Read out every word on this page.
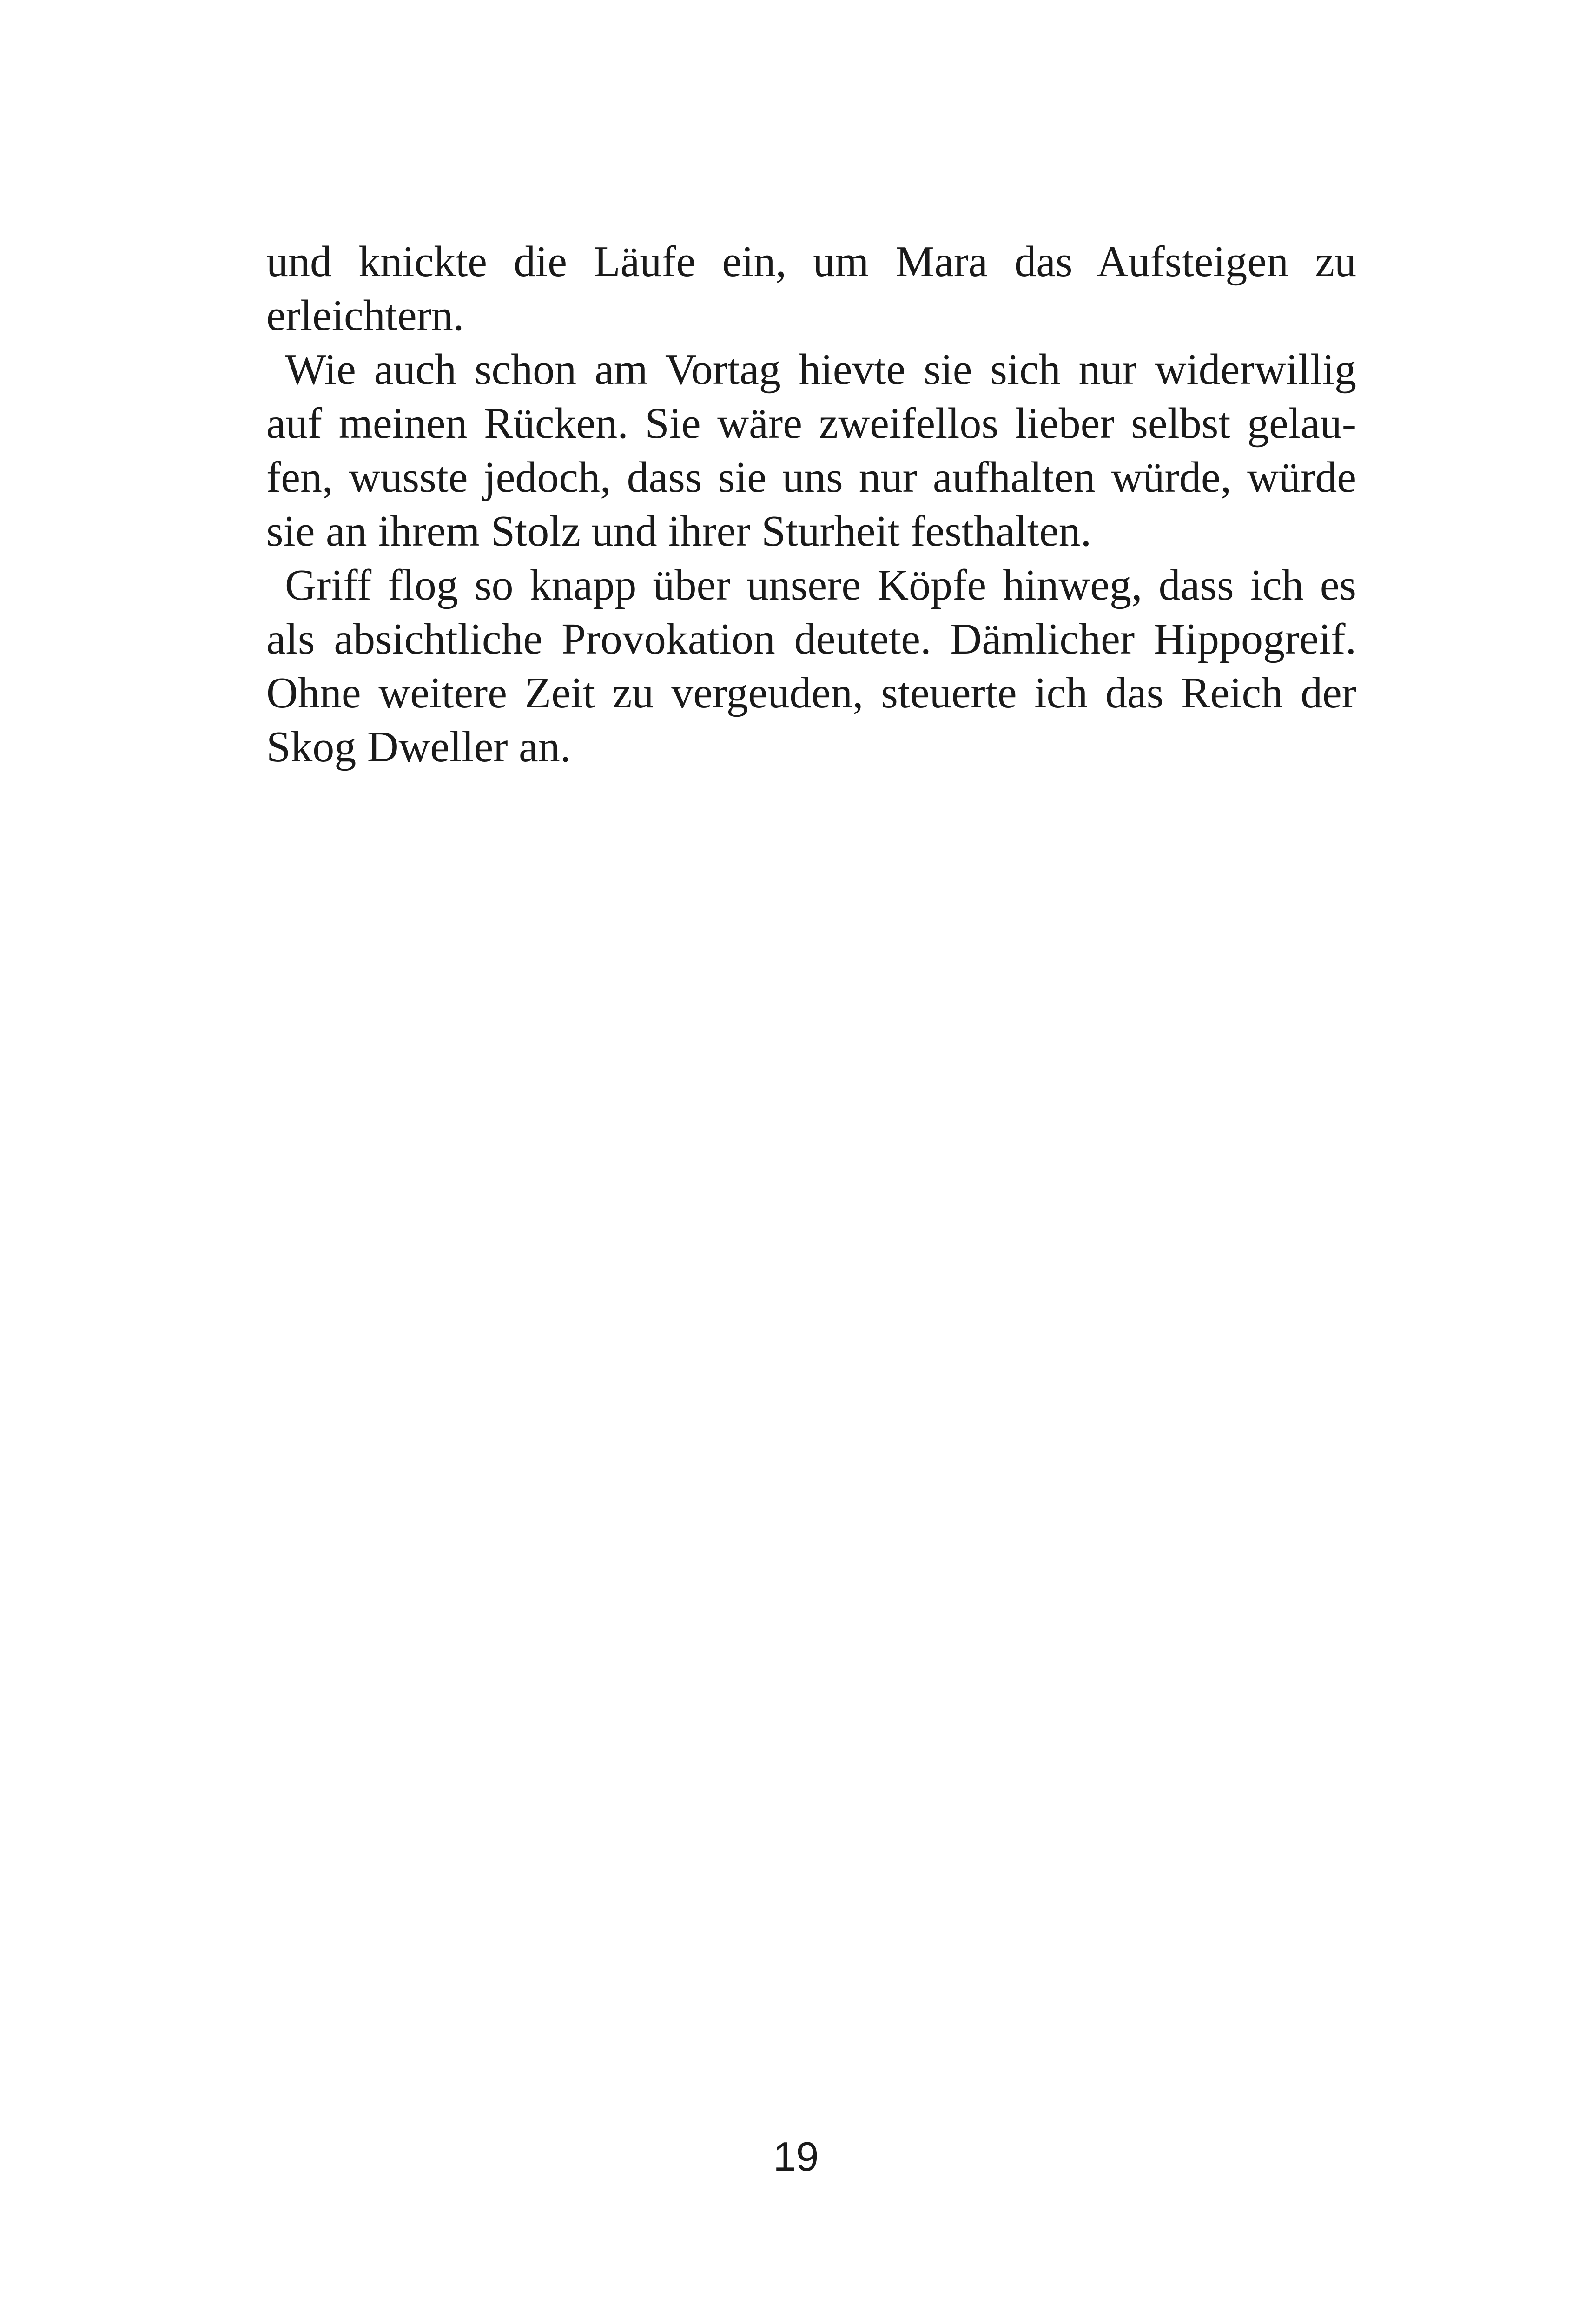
und knickte die Läufe ein, um Mara das Aufsteigen zu
erleichtern.

Wie auch schon am Vortag hievte sie sich nur widerwillig
auf meinen Rücken. Sie wäre zweifellos lieber selbst gelau-
fen, wusste jedoch, dass sie uns nur aufhalten würde, würde
sie an ihrem Stolz und ihrer Sturheit festhalten.

Griff flog so knapp über unsere Köpfe hinweg, dass ich es
als absichtliche Provokation deutete. Dämlicher Hippogreif.
Ohne weitere Zeit zu vergeuden, steuerte ich das Reich der
Skog Dweller an.

19
